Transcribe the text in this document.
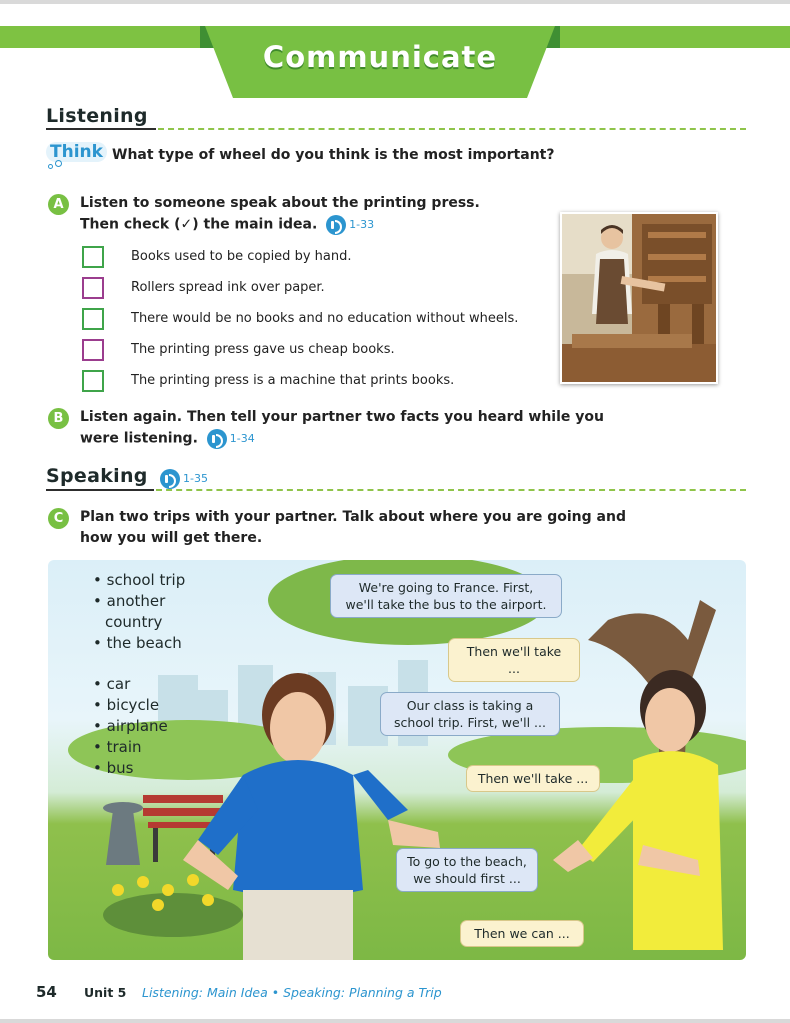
Communicate
Listening
Think What type of wheel do you think is the most important?
A	Listen to someone speak about the printing press.
Then check (✓) the main idea.	1-33
Books used to be copied by hand.
Rollers spread ink over paper.
There would be no books and no education without wheels.
The printing press gave us cheap books.
The printing press is a machine that prints books.
B	Listen again. Then tell your partner two facts you heard while you
were listening.	1-34
Speaking	1-35
C	Plan two trips with your partner. Talk about where you are going and
how you will get there.
• school trip
• another
country
• the beach
• car
• bicycle
• airplane
• train
• bus
We're going to France. First,
we'll take the bus to the airport.
Then we'll take ...
Our class is taking a
school trip. First, we'll ...
Then we'll take ...
To go to the beach,
we should first ...
Then we can ...
54 Unit 5 Listening: Main Idea • Speaking: Planning a Trip
